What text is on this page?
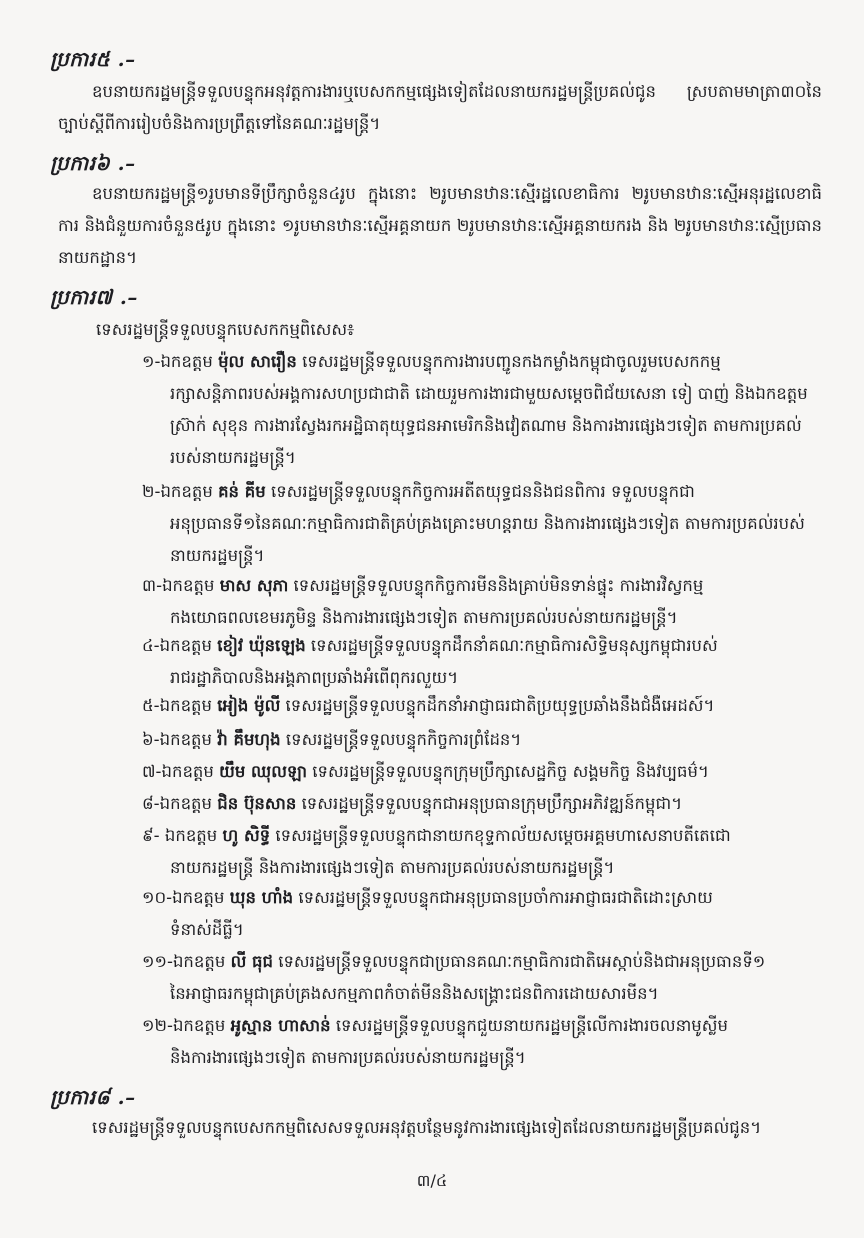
ប្រការ៥ .–
ឧបនាយករដ្ឋមន្ត្រីទទួលបន្ទុកអនុវត្តការងារឬបេសកកម្មផ្សេងទៀតដែលនាយករដ្ឋមន្ត្រីប្រគល់ជូន ស្របតាមមាត្រា៣០នៃច្បាប់ស្តីពីការរៀបចំនិងការប្រព្រឹត្តទៅនៃគណៈរដ្ឋមន្ត្រី។
ប្រការ៦ .–
ឧបនាយករដ្ឋមន្ត្រី១រូបមានទីប្រឹក្សាចំនួន៤រូប ក្នុងនោះ ២រូបមានឋានៈស្មើរដ្ឋលេខាធិការ ២រូបមានឋានៈស្មើអនុរដ្ឋលេខាធិការ និងជំនួយការចំនួន៥រូប ក្នុងនោះ ១រូបមានឋានៈស្មើអគ្គនាយក ២រូបមានឋានៈស្មើអគ្គនាយករង និង ២រូបមានឋានៈស្មើប្រធាននាយកដ្ឋាន។
ប្រការ៧ .–
ទេសរដ្ឋមន្ត្រីទទួលបន្ទុកបេសកកម្មពិសេស៖
១-ឯកឧត្តម ម៉ុល សារឿន ទេសរដ្ឋមន្ត្រីទទួលបន្ទុកការងារបញ្ជូនកងកម្លាំងកម្ពុជាចូលរួមបេសកកម្ម
រក្សាសន្តិភាពរបស់អង្គការសហប្រជាជាតិ ដោយរួមការងារជាមួយសម្តេចពិជ័យសេនា ទៀ បាញ់ និងឯកឧត្តម ស្រ៊ាក់ សុខុន ការងារស្វែងរកអដ្ឋិធាតុយុទ្ធជនអាមេរិកនិងវៀតណាម និងការងារផ្សេងៗទៀត តាមការប្រគល់របស់នាយករដ្ឋមន្ត្រី។
២-ឯកឧត្តម គន់ គីម ទេសរដ្ឋមន្ត្រីទទួលបន្ទុកកិច្ចការអតីតយុទ្ធជននិងជនពិការ ទទួលបន្ទុកជា
អនុប្រធានទី១នៃគណៈកម្មាធិការជាតិគ្រប់គ្រងគ្រោះមហន្តរាយ និងការងារផ្សេងៗទៀត តាមការប្រគល់របស់នាយករដ្ឋមន្ត្រី។
៣-ឯកឧត្តម មាស សុភា ទេសរដ្ឋមន្ត្រីទទួលបន្ទុកកិច្ចការមីននិងគ្រាប់មិនទាន់ផ្ទុះ ការងារវិស្វកម្ម
កងយោធពលខេមរភូមិន្ទ និងការងារផ្សេងៗទៀត តាមការប្រគល់របស់នាយករដ្ឋមន្ត្រី។
៤-ឯកឧត្តម ខៀវ ឃ៉ុនឡេង ទេសរដ្ឋមន្ត្រីទទួលបន្ទុកដឹកនាំគណៈកម្មាធិការសិទ្ធិមនុស្សកម្ពុជារបស់
រាជរដ្ឋាភិបាលនិងអង្គភាពប្រឆាំងអំពើពុករលួយ។
៥-ឯកឧត្តម អៀង ម៉ូលី ទេសរដ្ឋមន្ត្រីទទួលបន្ទុកដឹកនាំអាជ្ញាធរជាតិប្រយុទ្ធប្រឆាំងនឹងជំងឺអេដស៍។
៦-ឯកឧត្តម វ៉ា គឹមហុង ទេសរដ្ឋមន្ត្រីទទួលបន្ទុកកិច្ចការព្រំដែន។
៧-ឯកឧត្តម យឹម ឈុលឡា ទេសរដ្ឋមន្ត្រីទទួលបន្ទុកក្រុមប្រឹក្សាសេដ្ឋកិច្ច សង្គមកិច្ច និងវប្បធម៌។
៨-ឯកឧត្តម ជិន ប៊ុនសាន ទេសរដ្ឋមន្ត្រីទទួលបន្ទុកជាអនុប្រធានក្រុមប្រឹក្សាអភិវឌ្ឍន៍កម្ពុជា។
៩- ឯកឧត្តម ហូ សិទ្ធី ទេសរដ្ឋមន្ត្រីទទួលបន្ទុកជានាយកខុទ្ទកាល័យសម្តេចអគ្គមហាសេនាបតីតេជោ
នាយករដ្ឋមន្ត្រី និងការងារផ្សេងៗទៀត តាមការប្រគល់របស់នាយករដ្ឋមន្ត្រី។
១០-ឯកឧត្តម ឃុន ហាំង ទេសរដ្ឋមន្ត្រីទទួលបន្ទុកជាអនុប្រធានប្រចាំការអាជ្ញាធរជាតិដោះស្រាយ
ទំនាស់ដីធ្លី។
១១-ឯកឧត្តម លី ធុជ ទេសរដ្ឋមន្ត្រីទទួលបន្ទុកជាប្រធានគណៈកម្មាធិការជាតិអេស្កាប់និងជាអនុប្រធានទី១
នៃអាជ្ញាធរកម្ពុជាគ្រប់គ្រងសកម្មភាពកំចាត់មីននិងសង្គ្រោះជនពិការដោយសារមីន។
១២-ឯកឧត្តម អូស្មាន ហាសាន់ ទេសរដ្ឋមន្ត្រីទទួលបន្ទុកជួយនាយករដ្ឋមន្ត្រីលើការងារចលនាមូស្លីម
និងការងារផ្សេងៗទៀត តាមការប្រគល់របស់នាយករដ្ឋមន្ត្រី។
ប្រការ៨ .–
ទេសរដ្ឋមន្ត្រីទទួលបន្ទុកបេសកកម្មពិសេសទទួលអនុវត្តបន្ថែមនូវការងារផ្សេងទៀតដែលនាយករដ្ឋមន្ត្រីប្រគល់ជូន។
៣/៤
